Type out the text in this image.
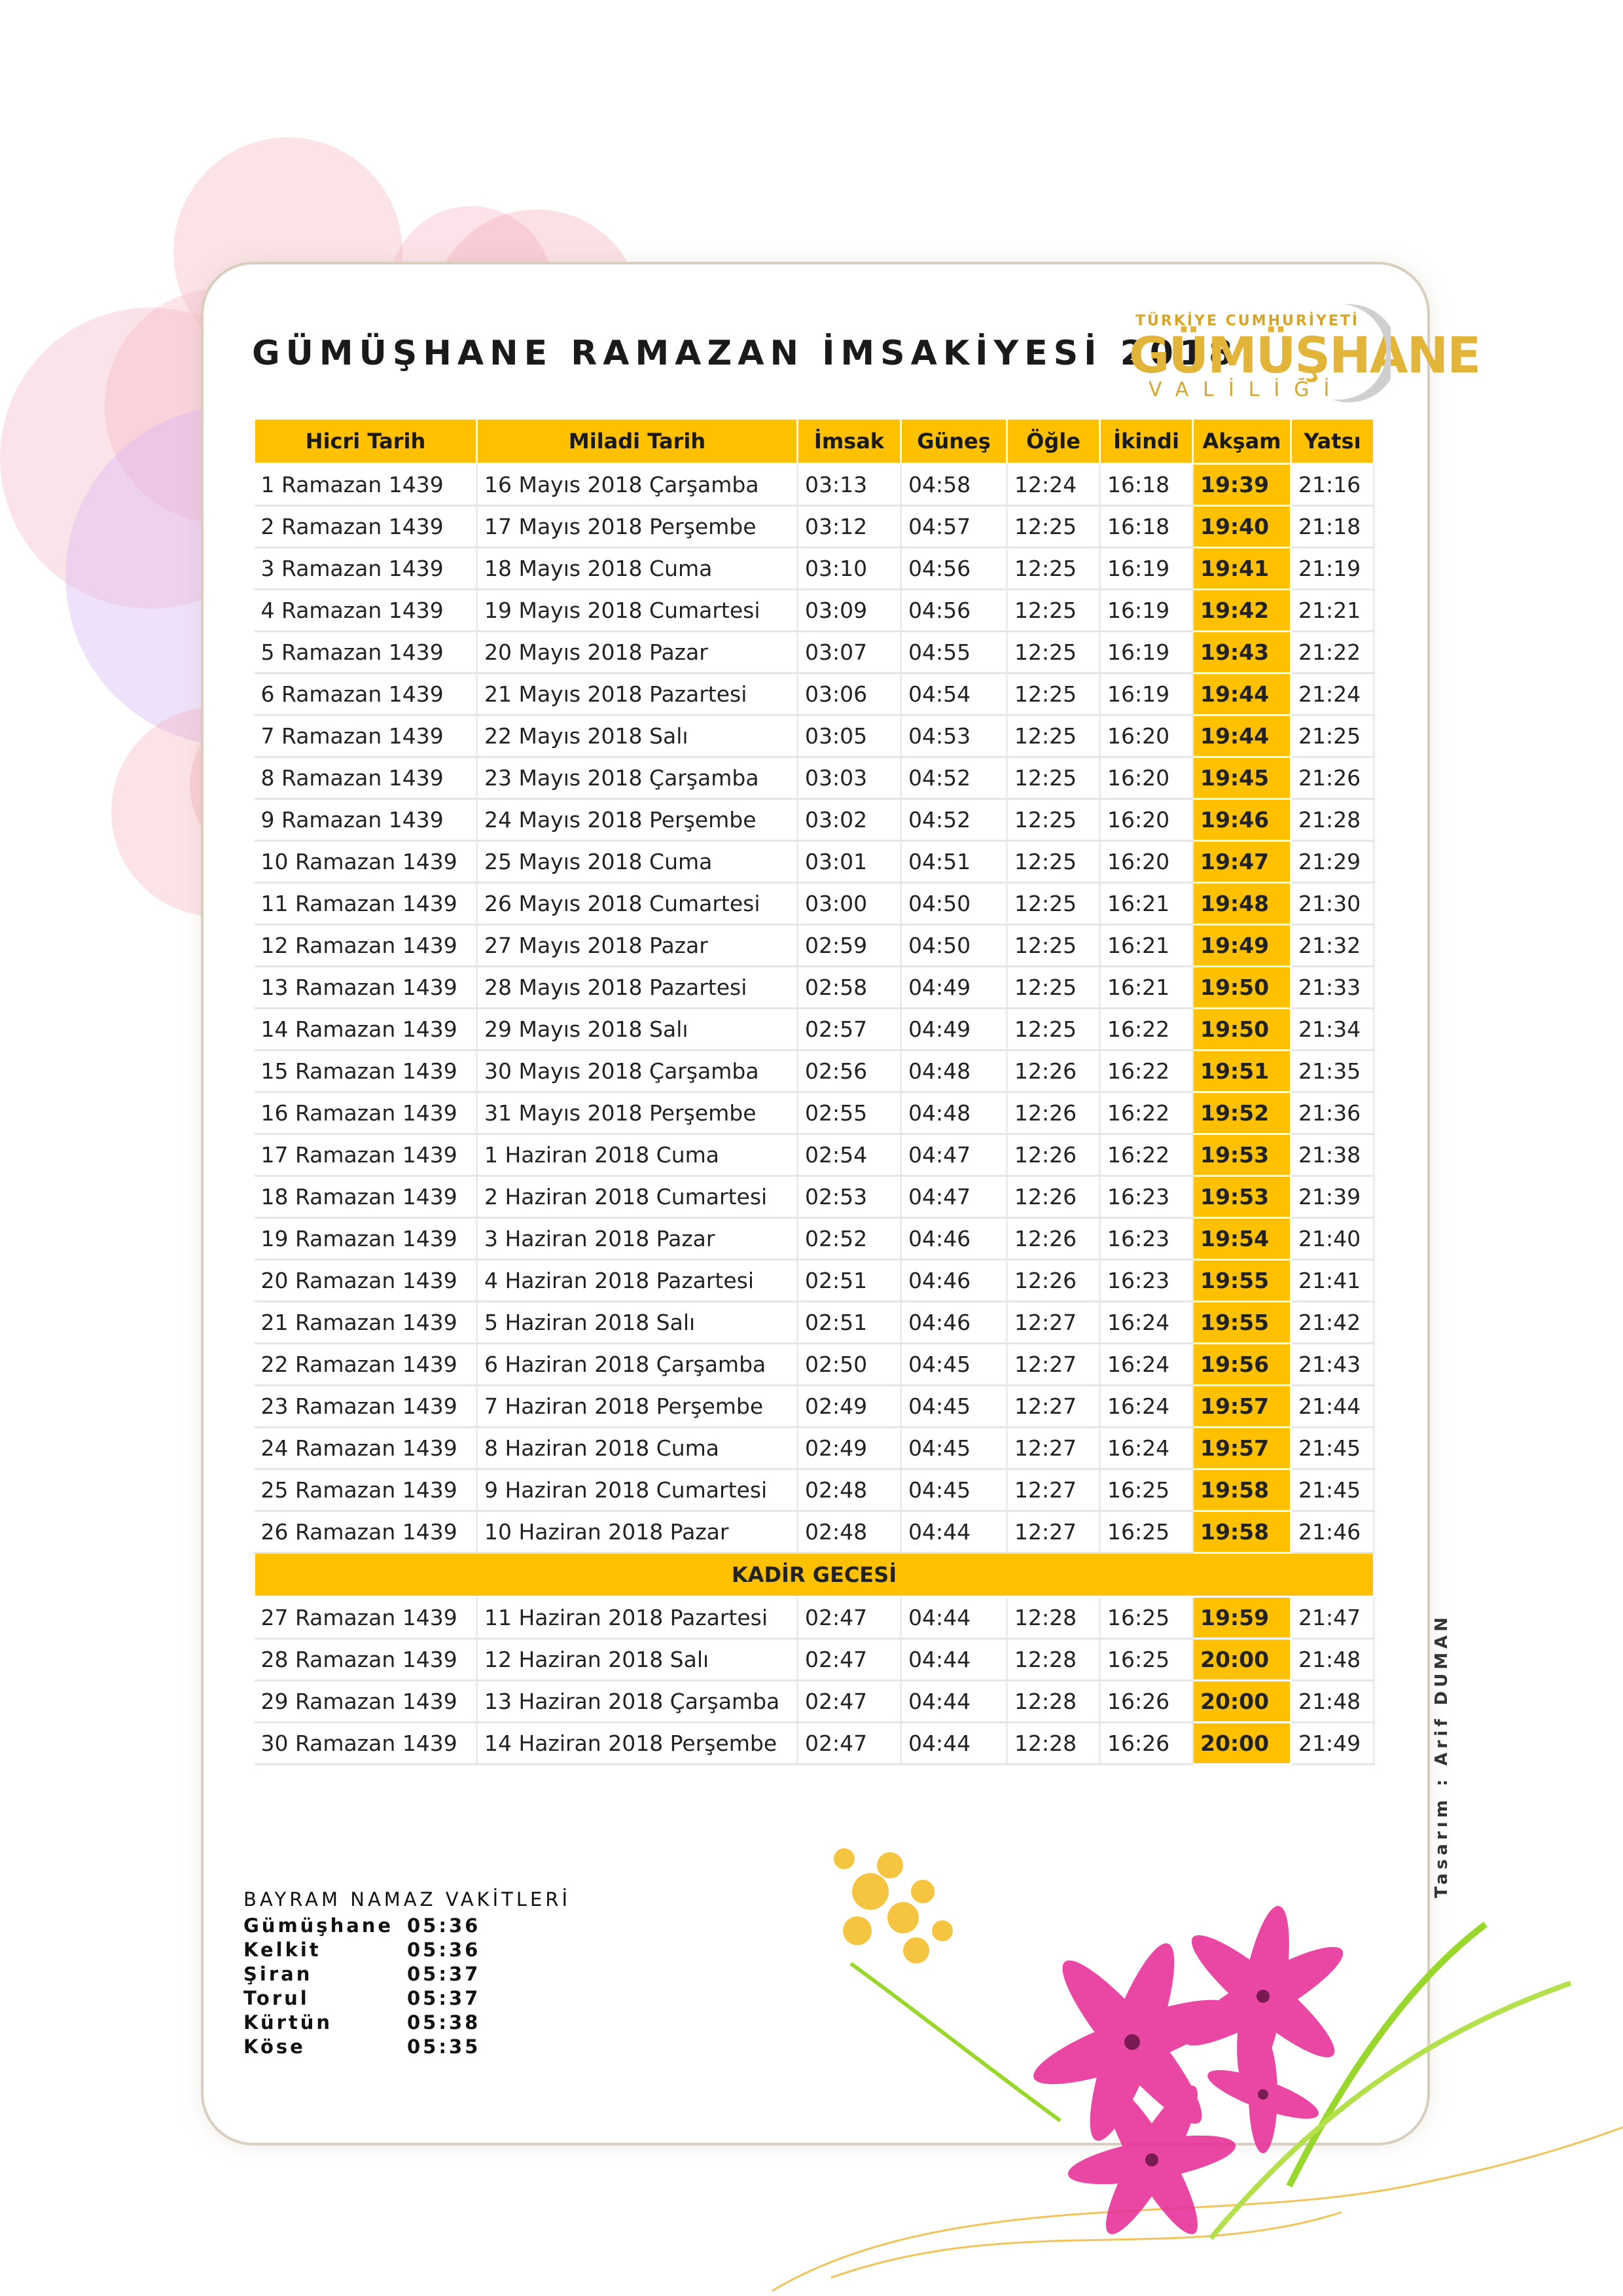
GÜMÜŞHANE RAMAZAN İMSAKİYESİ 2018
TÜRKİYE CUMHURİYETİ
GÜMÜŞHANE
VALİLİĞİ
Hicri Tarih	Miladi Tarih	İmsak	Güneş	Öğle	İkindi	Akşam	Yatsı
1 Ramazan 1439	16 Mayıs 2018 Çarşamba	03:13	04:58	12:24	16:18	19:39	21:16
2 Ramazan 1439	17 Mayıs 2018 Perşembe	03:12	04:57	12:25	16:18	19:40	21:18
3 Ramazan 1439	18 Mayıs 2018 Cuma	03:10	04:56	12:25	16:19	19:41	21:19
4 Ramazan 1439	19 Mayıs 2018 Cumartesi	03:09	04:56	12:25	16:19	19:42	21:21
5 Ramazan 1439	20 Mayıs 2018 Pazar	03:07	04:55	12:25	16:19	19:43	21:22
6 Ramazan 1439	21 Mayıs 2018 Pazartesi	03:06	04:54	12:25	16:19	19:44	21:24
7 Ramazan 1439	22 Mayıs 2018 Salı	03:05	04:53	12:25	16:20	19:44	21:25
8 Ramazan 1439	23 Mayıs 2018 Çarşamba	03:03	04:52	12:25	16:20	19:45	21:26
9 Ramazan 1439	24 Mayıs 2018 Perşembe	03:02	04:52	12:25	16:20	19:46	21:28
10 Ramazan 1439	25 Mayıs 2018 Cuma	03:01	04:51	12:25	16:20	19:47	21:29
11 Ramazan 1439	26 Mayıs 2018 Cumartesi	03:00	04:50	12:25	16:21	19:48	21:30
12 Ramazan 1439	27 Mayıs 2018 Pazar	02:59	04:50	12:25	16:21	19:49	21:32
13 Ramazan 1439	28 Mayıs 2018 Pazartesi	02:58	04:49	12:25	16:21	19:50	21:33
14 Ramazan 1439	29 Mayıs 2018 Salı	02:57	04:49	12:25	16:22	19:50	21:34
15 Ramazan 1439	30 Mayıs 2018 Çarşamba	02:56	04:48	12:26	16:22	19:51	21:35
16 Ramazan 1439	31 Mayıs 2018 Perşembe	02:55	04:48	12:26	16:22	19:52	21:36
17 Ramazan 1439	1 Haziran 2018 Cuma	02:54	04:47	12:26	16:22	19:53	21:38
18 Ramazan 1439	2 Haziran 2018 Cumartesi	02:53	04:47	12:26	16:23	19:53	21:39
19 Ramazan 1439	3 Haziran 2018 Pazar	02:52	04:46	12:26	16:23	19:54	21:40
20 Ramazan 1439	4 Haziran 2018 Pazartesi	02:51	04:46	12:26	16:23	19:55	21:41
21 Ramazan 1439	5 Haziran 2018 Salı	02:51	04:46	12:27	16:24	19:55	21:42
22 Ramazan 1439	6 Haziran 2018 Çarşamba	02:50	04:45	12:27	16:24	19:56	21:43
23 Ramazan 1439	7 Haziran 2018 Perşembe	02:49	04:45	12:27	16:24	19:57	21:44
24 Ramazan 1439	8 Haziran 2018 Cuma	02:49	04:45	12:27	16:24	19:57	21:45
25 Ramazan 1439	9 Haziran 2018 Cumartesi	02:48	04:45	12:27	16:25	19:58	21:45
26 Ramazan 1439	10 Haziran 2018 Pazar	02:48	04:44	12:27	16:25	19:58	21:46
KADİR GECESİ							
27 Ramazan 1439	11 Haziran 2018 Pazartesi	02:47	04:44	12:28	16:25	19:59	21:47
28 Ramazan 1439	12 Haziran 2018 Salı	02:47	04:44	12:28	16:25	20:00	21:48
29 Ramazan 1439	13 Haziran 2018 Çarşamba	02:47	04:44	12:28	16:26	20:00	21:48
30 Ramazan 1439	14 Haziran 2018 Perşembe	02:47	04:44	12:28	16:26	20:00	21:49
BAYRAM NAMAZ VAKİTLERİ
Gümüşhane 05:36
Kelkit	05:36
Şiran	05:37
Torul	05:37
Kürtün	05:38
Köse	05:35
Tasarım : Arif DUMAN
